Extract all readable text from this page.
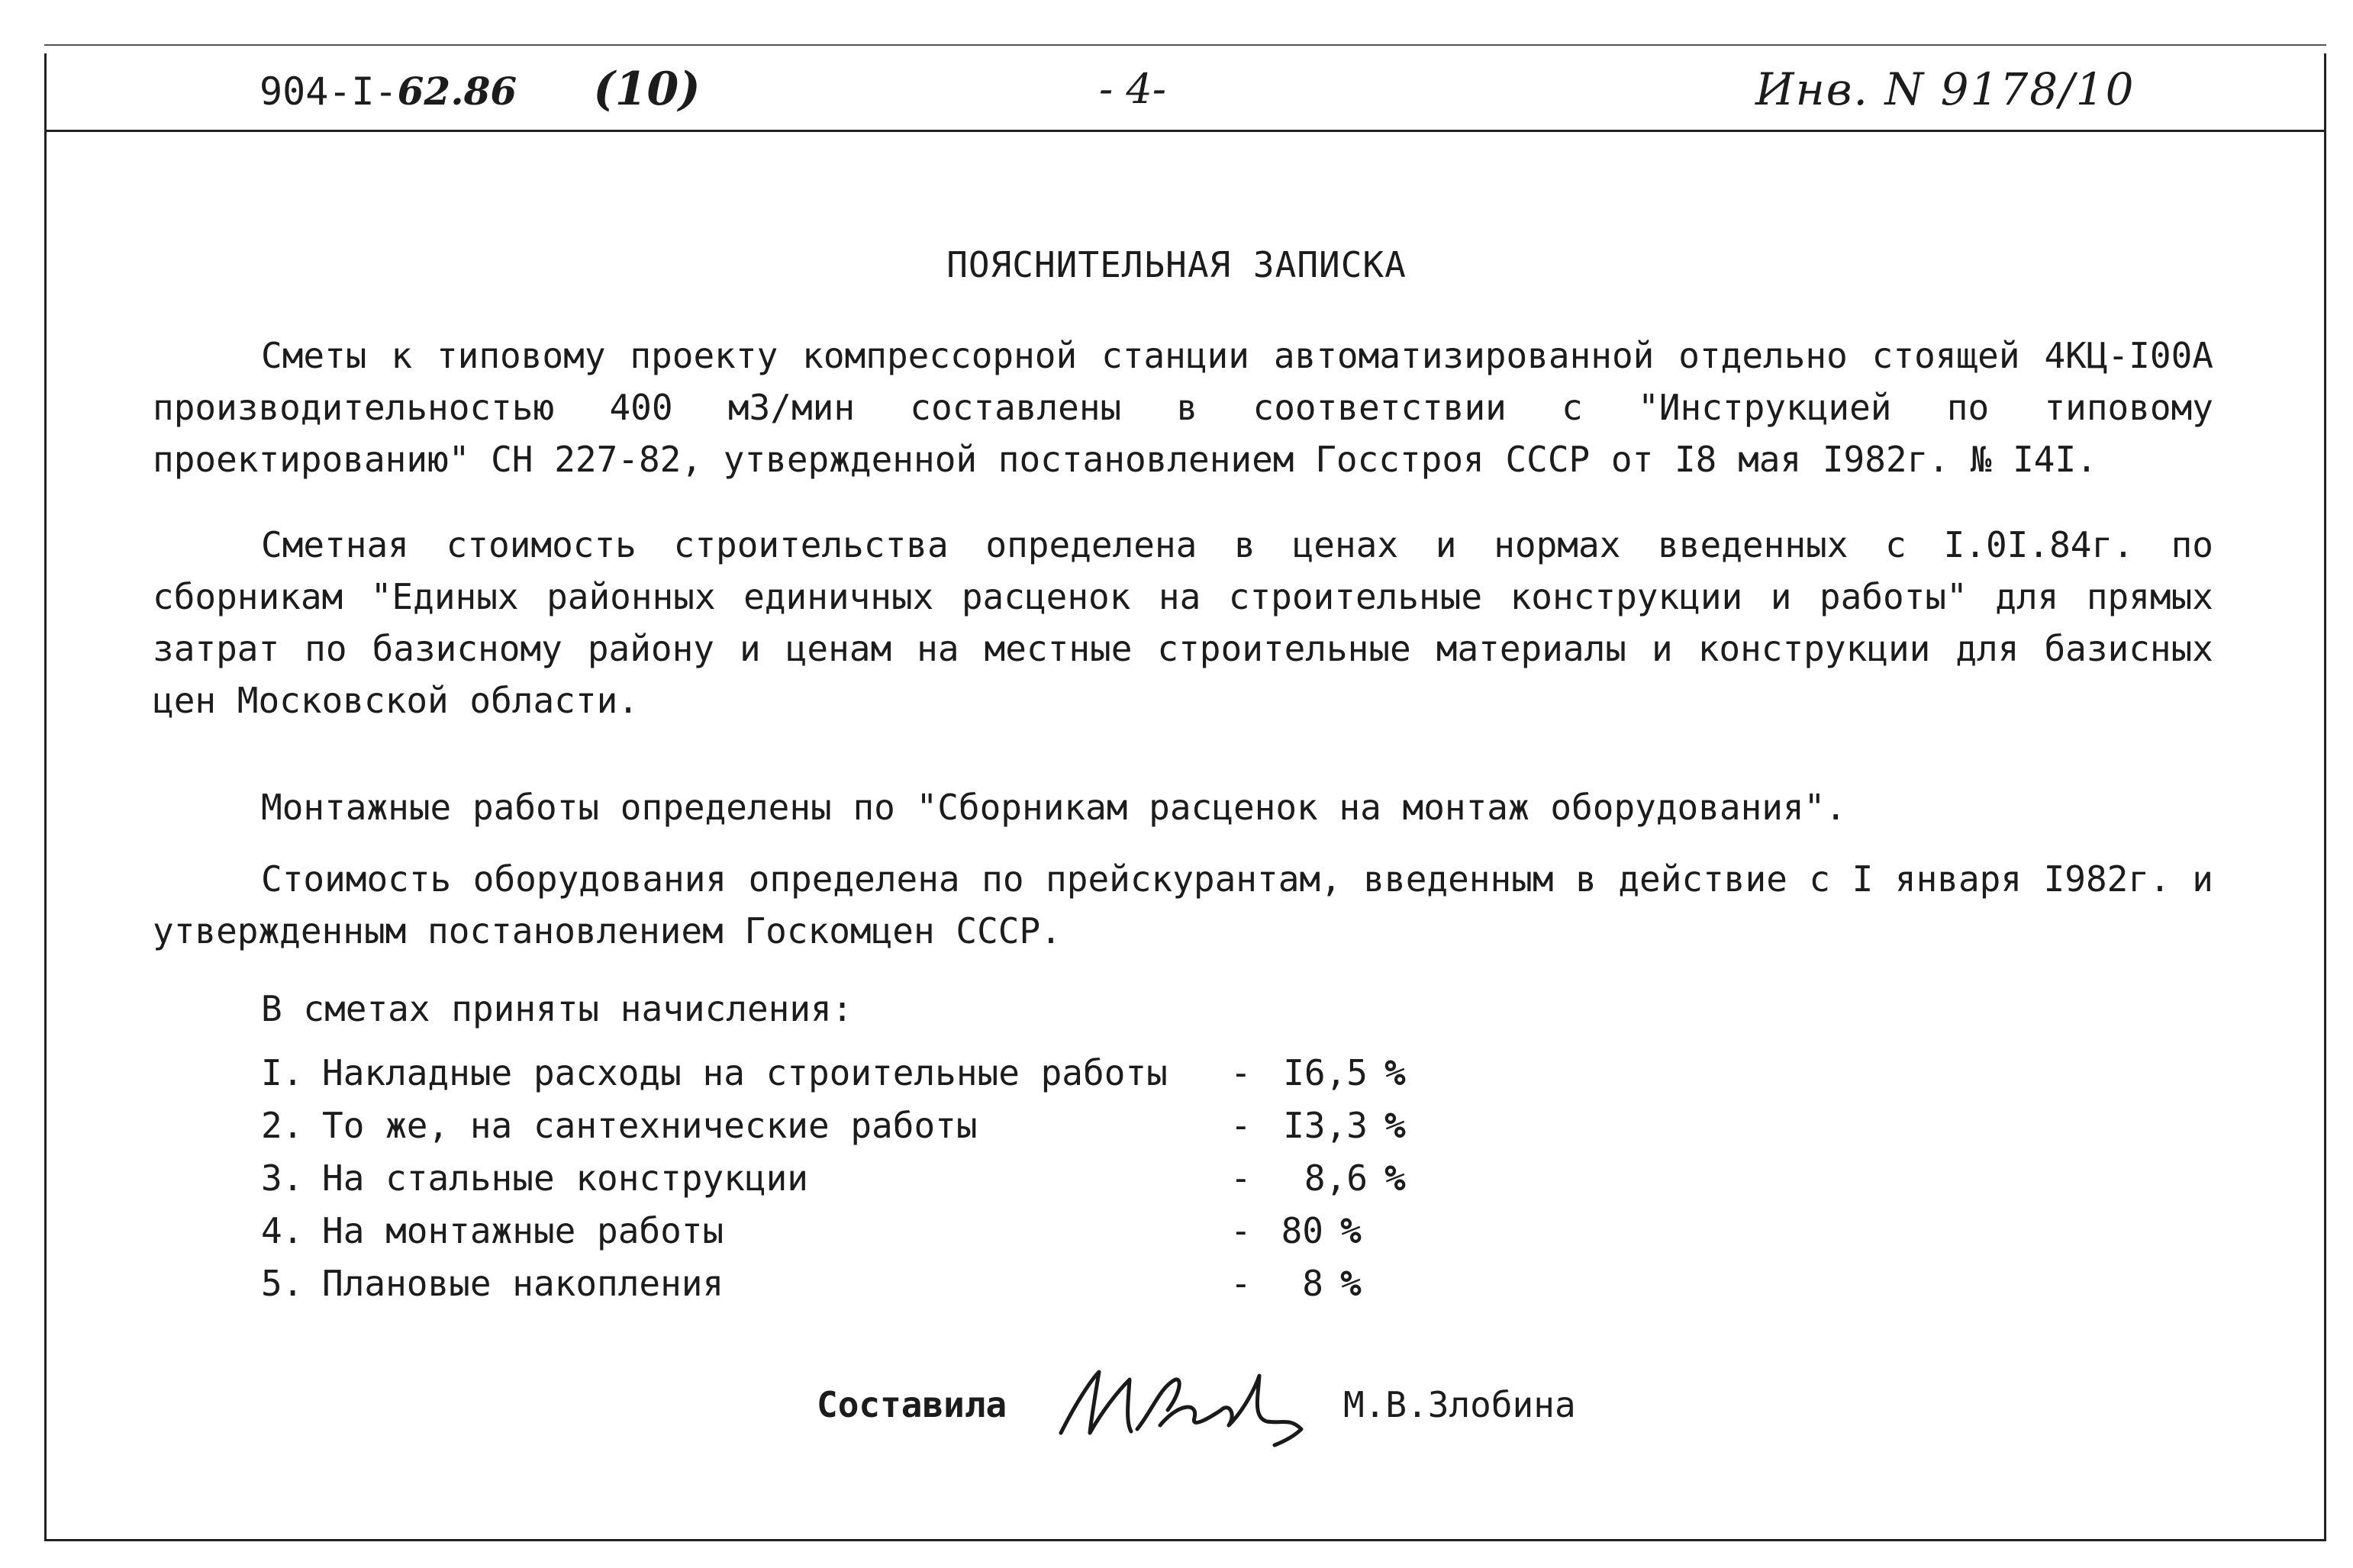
904-I-62.86 (10)	- 4-	Инв. N 9178/10
ПОЯСНИТЕЛЬНАЯ ЗАПИСКА
Сметы к типовому проекту компрессорной станции автоматизированной отдельно стоящей 4КЦ-I00А производительностью 400 м3/мин составлены в соответствии с "Инструкцией по типовому проектированию" СН 227-82, утвержденной постановлением Госстроя СССР от I8 мая I982г. № I4I.
Сметная стоимость строительства определена в ценах и нормах введенных с I.0I.84г. по сборникам "Единых районных единичных расценок на строительные конструкции и работы" для прямых затрат по базисному району и ценам на местные строительные материалы и конструкции для базисных цен Московской области.
Монтажные работы определены по "Сборникам расценок на монтаж оборудования".
Стоимость оборудования определена по прейскурантам, введенным в действие с I января I982г. и утвержденным постановлением Госкомцен СССР.
В сметах приняты начисления:
I. Накладные расходы на строительные работы - I6,5 %
2. То же, на сантехнические работы	- I3,3 %
3. На стальные конструкции	-	8,6 %
4. На монтажные работы	- 80 %
5. Плановые накопления	-	8 %
Составила	М.В.Злобина
